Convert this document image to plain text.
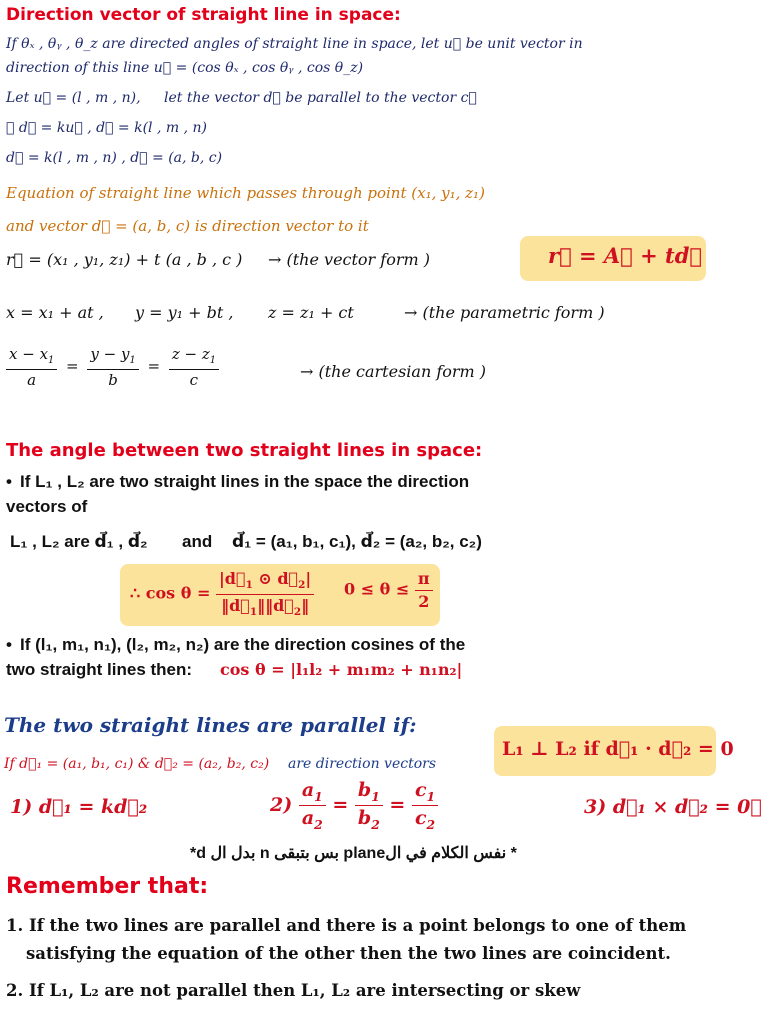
Direction vector of straight line in space:
If θₓ , θᵧ , θ_z are directed angles of straight line in space, let u⃗ be unit vector in
direction of this line u⃗ = (cos θₓ , cos θᵧ , cos θ_z)
Let u⃗ = (l , m , n), let the vector d⃗ be parallel to the vector c⃗
∴ d⃗ = ku⃗ , d⃗ = k(l , m , n)
d⃗ = k(l , m , n) , d⃗ = (a, b, c)
Equation of straight line which passes through point (x₁, y₁, z₁)
and vector d⃗ = (a, b, c) is direction vector to it
r⃗ = (x₁ , y₁, z₁) + t (a , b , c ) → (the vector form )	r⃗ = A⃗ + td⃗
x = x₁ + at , y = y₁ + bt , z = z₁ + ct	→ (the parametric form )
$\frac{x - x_1}{a} = \frac{y - y_1}{b} = \frac{z - z_1}{c}$	→ (the cartesian form )
The angle between two straight lines in space:
• If L₁ , L₂ are two straight lines in the space the direction
vectors of
L₁ , L₂ are d⃗₁ , d⃗₂ and d⃗₁ = (a₁, b₁, c₁), d⃗₂ = (a₂, b₂, c₂)
∴ $\cos \theta = \frac{|d⃗_1 ⊙ d⃗_2|}{‖d⃗_1‖‖d⃗_2‖} 0 \le \theta \le \frac{\pi}{2}$
• If (l₁, m₁, n₁), (l₂, m₂, n₂) are the direction cosines of the
two straight lines then: cos θ = |l₁l₂ + m₁m₂ + n₁n₂|
The two straight lines are parallel if:
If d⃗₁ = (a₁, b₁, c₁) & d⃗₂ = (a₂, b₂, c₂) are direction vectors
L₁ ⊥ L₂ if d⃗₁ · d⃗₂ = 0
1) d⃗₁ = kd⃗₂	$2) \frac{a_1}{a_2} = \frac{b_1}{b_2} = \frac{c_1}{c_2}$	3) d⃗₁ × d⃗₂ = 0⃗
* نفس الكلام في الplane بس بتبقى n بدل ال d*
Remember that:
1. If the two lines are parallel and there is a point belongs to one of them
satisfying the equation of the other then the two lines are coincident.
2. If L₁, L₂ are not parallel then L₁, L₂ are intersecting or skew
